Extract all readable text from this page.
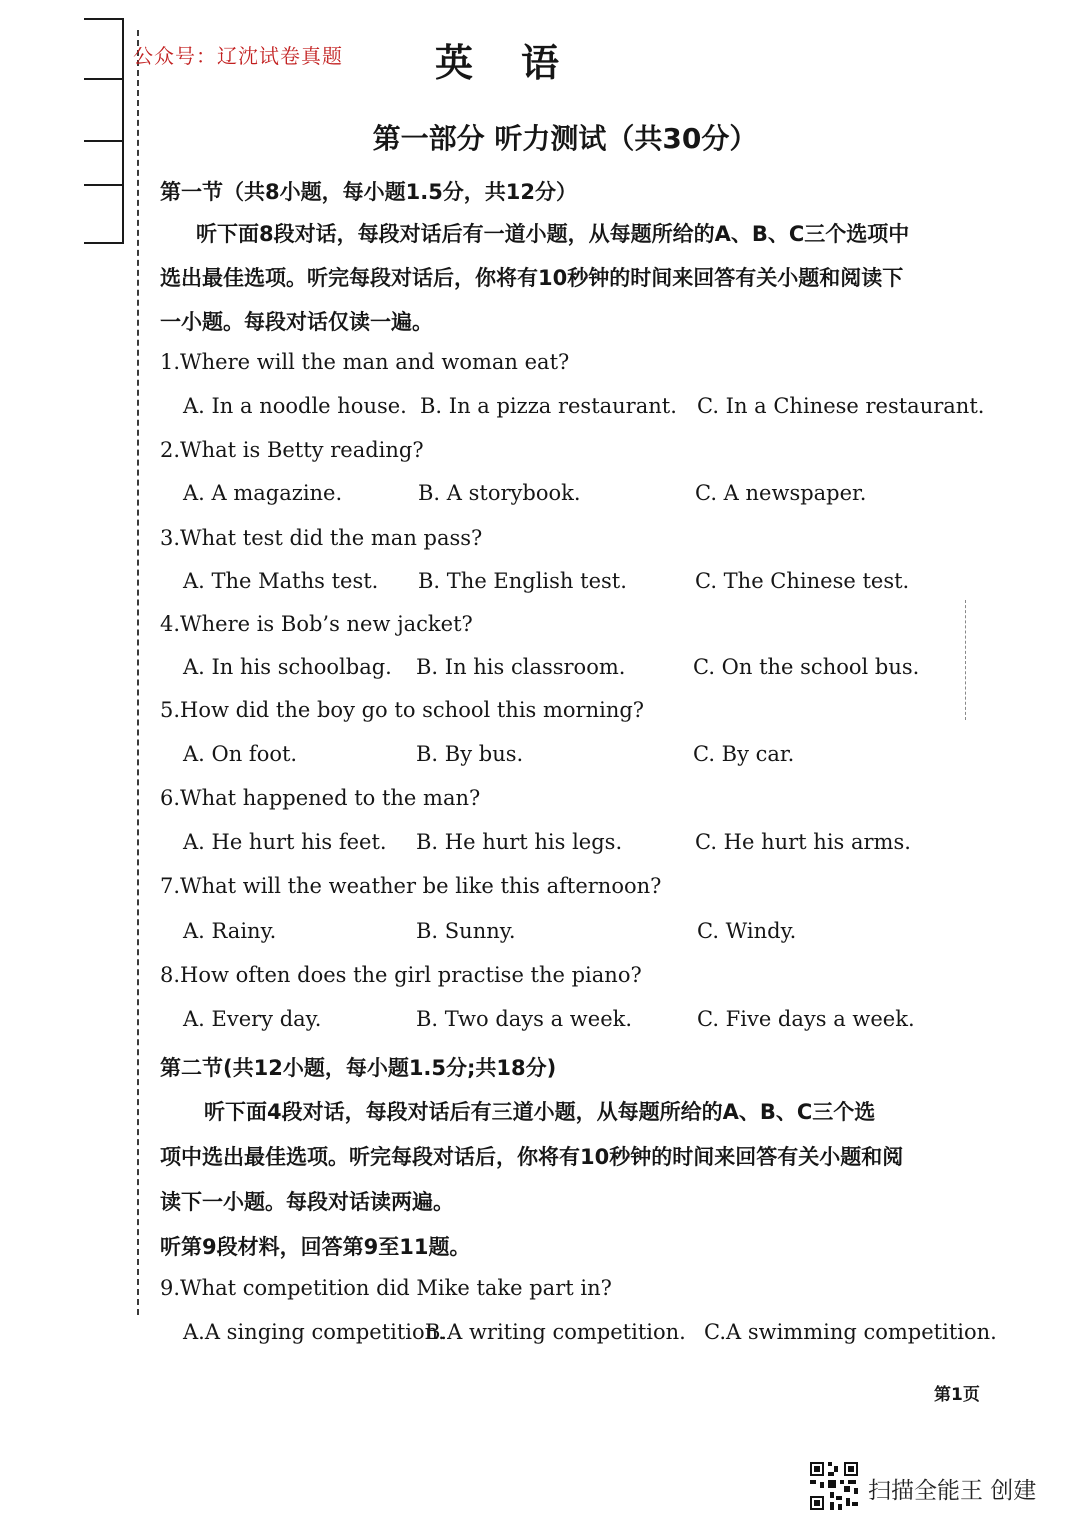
公众号：辽沈试卷真题 英语
第一部分 听力测试（共30分）
第一节（共8小题，每小题1.5分，共12分）
听下面8段对话，每段对话后有一道小题，从每题所给的A、B、C三个选项中
选出最佳选项。听完每段对话后，你将有10秒钟的时间来回答有关小题和阅读下
一小题。每段对话仅读一遍。
1.Where will the man and woman eat?
A. In a noodle house. B. In a pizza restaurant. C. In a Chinese restaurant.
2.What is Betty reading?
A. A magazine.	B. A storybook.	C. A newspaper.
3.What test did the man pass?
A. The Maths test. B. The English test.	C. The Chinese test.
4.Where is Bob’s new jacket?
A. In his schoolbag. B. In his classroom.	C. On the school bus.
5.How did the boy go to school this morning?
A. On foot.	B. By bus.	C. By car.
6.What happened to the man?
A. He hurt his feet. B. He hurt his legs.	C. He hurt his arms.
7.What will the weather be like this afternoon?
A. Rainy.	B. Sunny.	C. Windy.
8.How often does the girl practise the piano?
A. Every day.	B. Two days a week.	C. Five days a week.
第二节(共12小题，每小题1.5分;共18分)
听下面4段对话，每段对话后有三道小题，从每题所给的A、B、C三个选
项中选出最佳选项。听完每段对话后，你将有10秒钟的时间来回答有关小题和阅
读下一小题。每段对话读两遍。
听第9段材料，回答第9至11题。
9.What competition did Mike take part in?
A.A singing competition.
B.A writing competition. C.A swimming competition.
第1页
扫描全能王 创建
